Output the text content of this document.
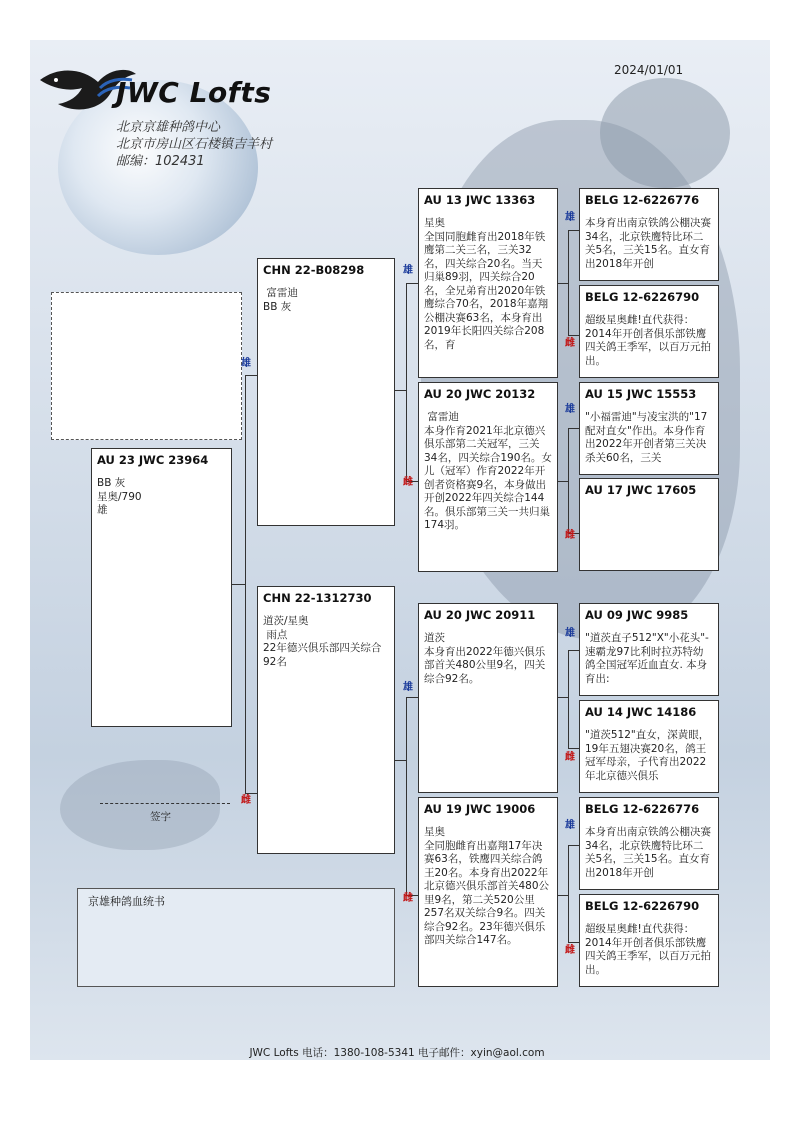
JWC Lofts
北京京雄种鸽中心
北京市房山区石楼镇吉羊村
邮编：102431
2024/01/01
雄
雌
雄
雌
雄
雌
雄
雌
雄
雌
雄
雌
雄
雌
AU 23 JWC 23964
BB 灰
星奥/790
雄
CHN 22-B08298
富雷迪
BB 灰
CHN 22-1312730
道茨/星奥
雨点
22年德兴俱乐部四关综合92名
AU 13 JWC 13363
星奥
全国同胞雌育出2018年铁鹰第二关三名，三关32名，四关综合20名。当天归巢89羽，四关综合20名，全兄弟育出2020年铁鹰综合70名，2018年嘉翔公棚决赛63名，本身育出2019年长阳四关综合208名，育
AU 20 JWC 20132
富雷迪
本身作育2021年北京德兴俱乐部第二关冠军，三关34名，四关综合190名。女儿（冠军）作育2022年开创者资格赛9名，本身做出开创2022年四关综合144名。俱乐部第三关一共归巢174羽。
AU 20 JWC 20911
道茨
本身育出2022年德兴俱乐部首关480公里9名，四关综合92名。
AU 19 JWC 19006
星奥
全同胞雌育出嘉翔17年决赛63名，铁鹰四关综合鸽王20名。本身育出2022年北京德兴俱乐部首关480公里9名，第二关520公里257名双关综合9名。四关综合92名。23年德兴俱乐部四关综合147名。
BELG 12-6226776
本身育出南京铁鸽公棚决赛34名，北京铁鹰特比环二关5名，三关15名。直女育出2018年开创
BELG 12-6226790
超级星奥雌!直代获得：2014年开创者俱乐部铁鹰四关鸽王季军，以百万元拍出。
AU 15 JWC 15553
"小福雷迪"与凌宝洪的"17配对直女"作出。本身作育出2022年开创者第三关决杀关60名，三关
AU 17 JWC 17605
AU 09 JWC 9985
"道茨直子512"X"小花头"-速霸龙97比利时拉苏特幼鸽全国冠军近血直女. 本身育出:
AU 14 JWC 14186
"道茨512"直女，深黄眼，19年五翅决赛20名，鸽王冠军母亲，子代育出2022年北京德兴俱乐
BELG 12-6226776
本身育出南京铁鸽公棚决赛34名，北京铁鹰特比环二关5名，三关15名。直女育出2018年开创
BELG 12-6226790
超级星奥雌!直代获得：2014年开创者俱乐部铁鹰四关鸽王季军，以百万元拍出。
签字
京雄种鸽血统书
JWC Lofts 电话：1380-108-5341 电子邮件：xyin@aol.com
